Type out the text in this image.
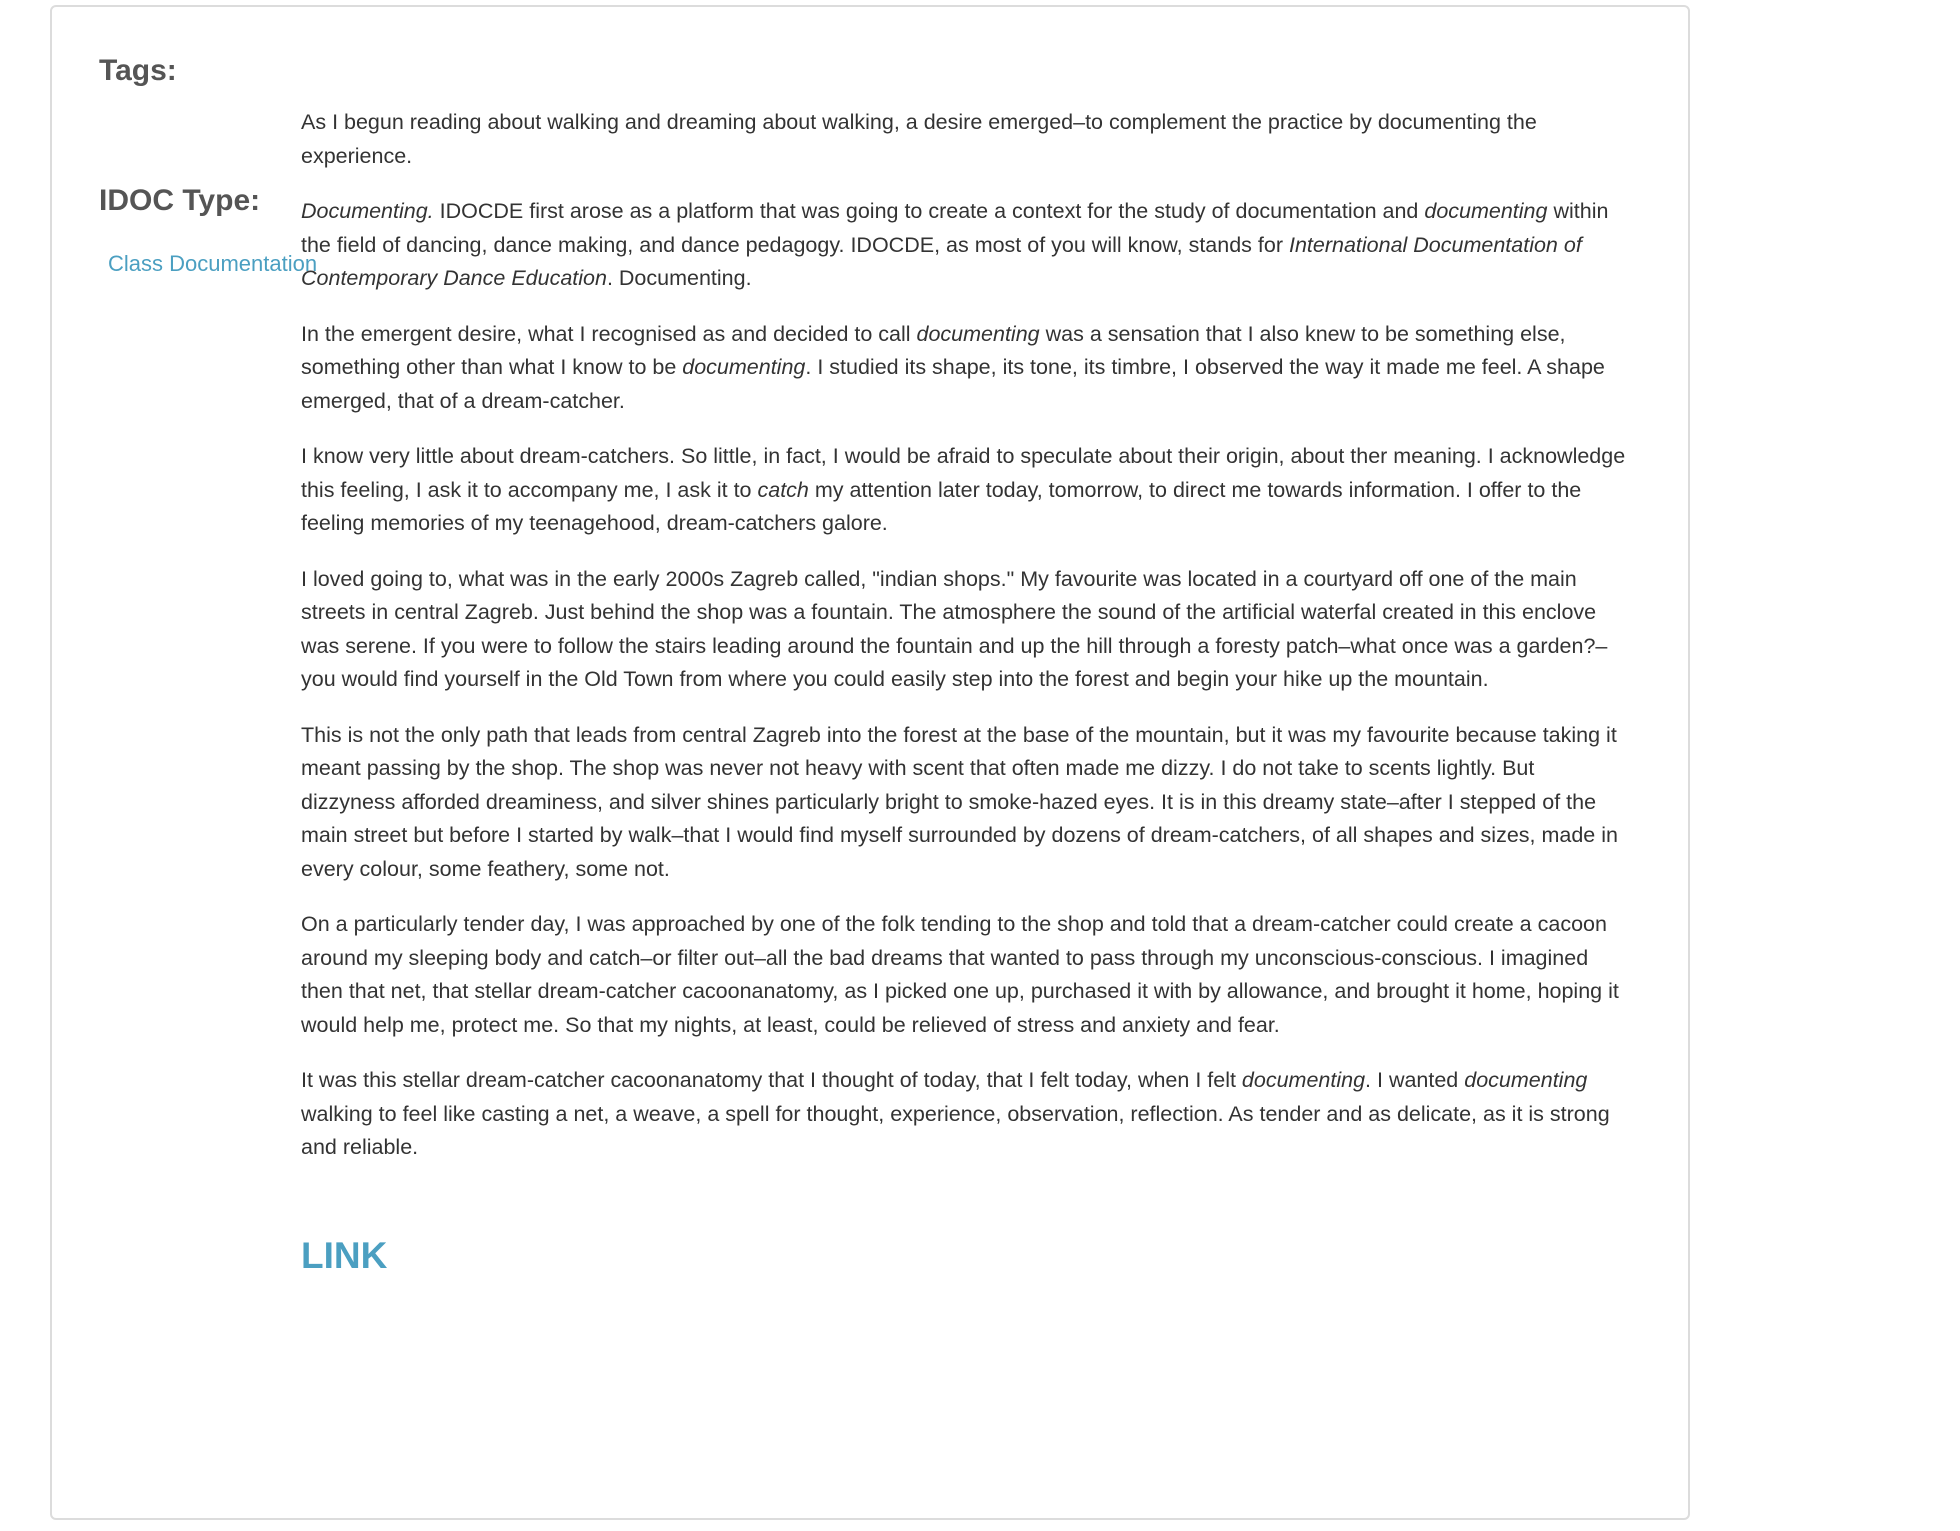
Tags:
IDOC Type:
Class Documentation

As I begun reading about walking and dreaming about walking, a desire emerged–to complement the practice by documenting the experience.

Documenting. IDOCDE first arose as a platform that was going to create a context for the study of documentation and documenting within the field of dancing, dance making, and dance pedagogy. IDOCDE, as most of you will know, stands for International Documentation of Contemporary Dance Education. Documenting.

In the emergent desire, what I recognised as and decided to call documenting was a sensation that I also knew to be something else, something other than what I know to be documenting. I studied its shape, its tone, its timbre, I observed the way it made me feel. A shape emerged, that of a dream-catcher.

I know very little about dream-catchers. So little, in fact, I would be afraid to speculate about their origin, about ther meaning. I acknowledge this feeling, I ask it to accompany me, I ask it to catch my attention later today, tomorrow, to direct me towards information. I offer to the feeling memories of my teenagehood, dream-catchers galore.

I loved going to, what was in the early 2000s Zagreb called, "indian shops." My favourite was located in a courtyard off one of the main streets in central Zagreb. Just behind the shop was a fountain. The atmosphere the sound of the artificial waterfal created in this enclove was serene. If you were to follow the stairs leading around the fountain and up the hill through a foresty patch–what once was a garden?–you would find yourself in the Old Town from where you could easily step into the forest and begin your hike up the mountain.

This is not the only path that leads from central Zagreb into the forest at the base of the mountain, but it was my favourite because taking it meant passing by the shop. The shop was never not heavy with scent that often made me dizzy. I do not take to scents lightly. But dizzyness afforded dreaminess, and silver shines particularly bright to smoke-hazed eyes. It is in this dreamy state–after I stepped of the main street but before I started by walk–that I would find myself surrounded by dozens of dream-catchers, of all shapes and sizes, made in every colour, some feathery, some not.

On a particularly tender day, I was approached by one of the folk tending to the shop and told that a dream-catcher could create a cacoon around my sleeping body and catch–or filter out–all the bad dreams that wanted to pass through my unconscious-conscious. I imagined then that net, that stellar dream-catcher cacoonanatomy, as I picked one up, purchased it with by allowance, and brought it home, hoping it would help me, protect me. So that my nights, at least, could be relieved of stress and anxiety and fear.

It was this stellar dream-catcher cacoonanatomy that I thought of today, that I felt today, when I felt documenting. I wanted documenting walking to feel like casting a net, a weave, a spell for thought, experience, observation, reflection. As tender and as delicate, as it is strong and reliable.

LINK
